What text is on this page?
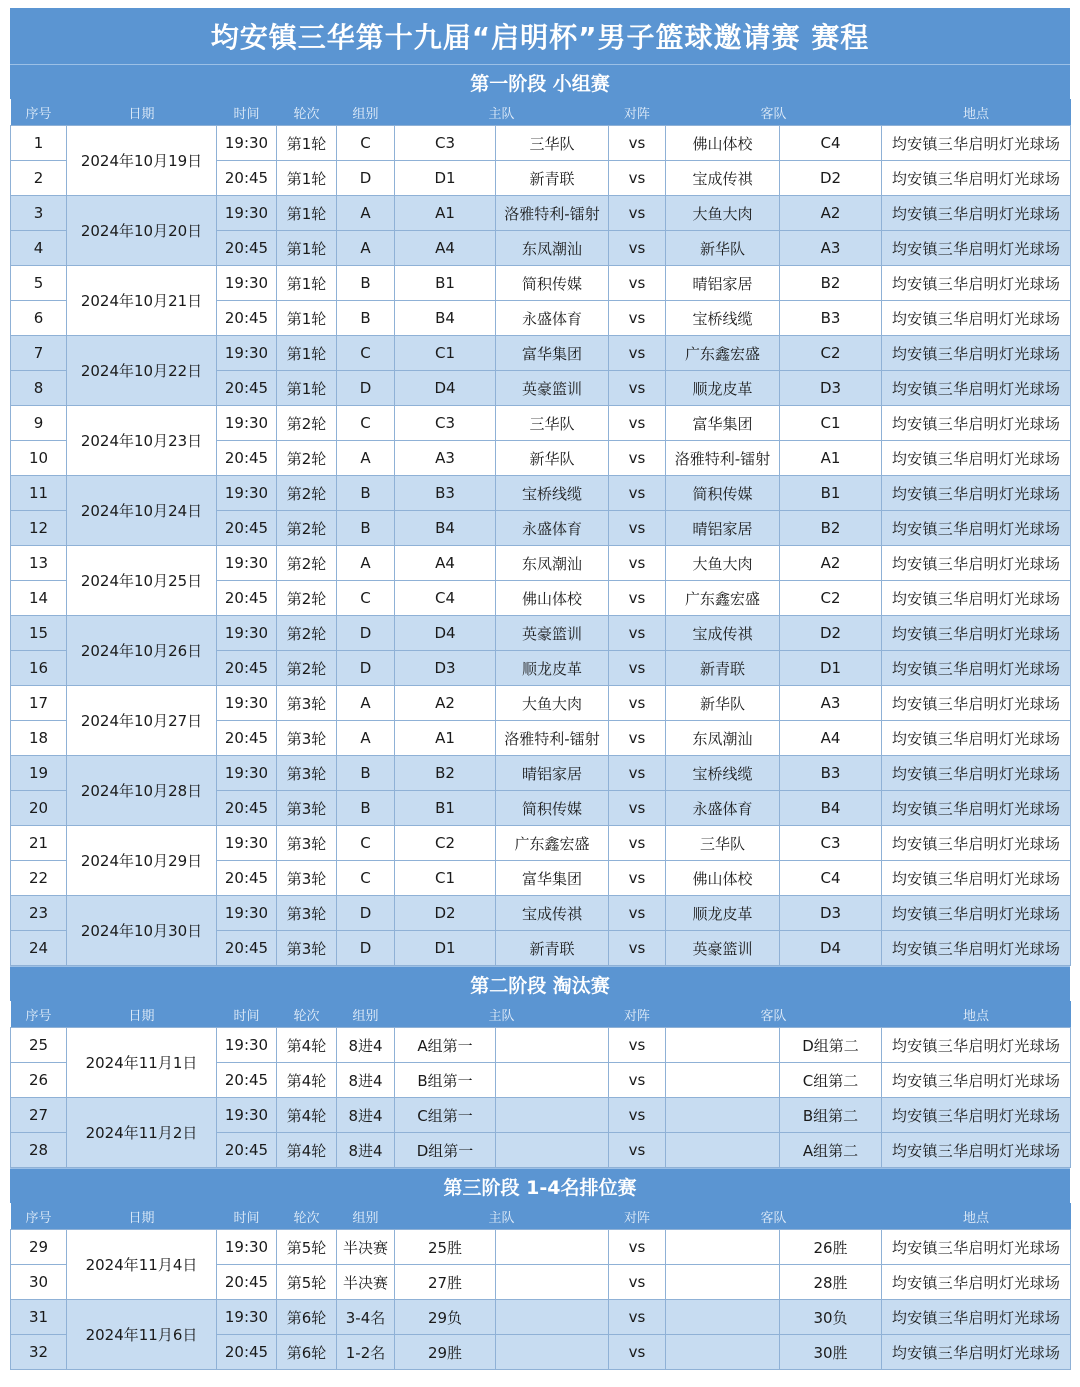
均安镇三华第十九届“启明杯”男子篮球邀请赛 赛程
第一阶段 小组赛
序号	日期	时间	轮次	组别	主队		对阵	客队		地点
1	2024年10月19日	19:30	第1轮	C	C3	三华队	vs	佛山体校	C4	均安镇三华启明灯光球场
2		20:45	第1轮	D	D1	新青联	vs	宝成传祺	D2	均安镇三华启明灯光球场
3	2024年10月20日	19:30	第1轮	A	A1	洛雅特利-镭射	vs	大鱼大肉	A2	均安镇三华启明灯光球场
4		20:45	第1轮	A	A4	东凤潮汕	vs	新华队	A3	均安镇三华启明灯光球场
5	2024年10月21日	19:30	第1轮	B	B1	简积传媒	vs	晴铝家居	B2	均安镇三华启明灯光球场
6		20:45	第1轮	B	B4	永盛体育	vs	宝桥线缆	B3	均安镇三华启明灯光球场
7	2024年10月22日	19:30	第1轮	C	C1	富华集团	vs	广东鑫宏盛	C2	均安镇三华启明灯光球场
8		20:45	第1轮	D	D4	英豪篮训	vs	顺龙皮革	D3	均安镇三华启明灯光球场
9	2024年10月23日	19:30	第2轮	C	C3	三华队	vs	富华集团	C1	均安镇三华启明灯光球场
10		20:45	第2轮	A	A3	新华队	vs	洛雅特利-镭射	A1	均安镇三华启明灯光球场
11	2024年10月24日	19:30	第2轮	B	B3	宝桥线缆	vs	简积传媒	B1	均安镇三华启明灯光球场
12		20:45	第2轮	B	B4	永盛体育	vs	晴铝家居	B2	均安镇三华启明灯光球场
13	2024年10月25日	19:30	第2轮	A	A4	东凤潮汕	vs	大鱼大肉	A2	均安镇三华启明灯光球场
14		20:45	第2轮	C	C4	佛山体校	vs	广东鑫宏盛	C2	均安镇三华启明灯光球场
15	2024年10月26日	19:30	第2轮	D	D4	英豪篮训	vs	宝成传祺	D2	均安镇三华启明灯光球场
16		20:45	第2轮	D	D3	顺龙皮革	vs	新青联	D1	均安镇三华启明灯光球场
17	2024年10月27日	19:30	第3轮	A	A2	大鱼大肉	vs	新华队	A3	均安镇三华启明灯光球场
18		20:45	第3轮	A	A1	洛雅特利-镭射	vs	东凤潮汕	A4	均安镇三华启明灯光球场
19	2024年10月28日	19:30	第3轮	B	B2	晴铝家居	vs	宝桥线缆	B3	均安镇三华启明灯光球场
20		20:45	第3轮	B	B1	简积传媒	vs	永盛体育	B4	均安镇三华启明灯光球场
21	2024年10月29日	19:30	第3轮	C	C2	广东鑫宏盛	vs	三华队	C3	均安镇三华启明灯光球场
22		20:45	第3轮	C	C1	富华集团	vs	佛山体校	C4	均安镇三华启明灯光球场
23	2024年10月30日	19:30	第3轮	D	D2	宝成传祺	vs	顺龙皮革	D3	均安镇三华启明灯光球场
24		20:45	第3轮	D	D1	新青联	vs	英豪篮训	D4	均安镇三华启明灯光球场
第二阶段 淘汰赛
序号	日期	时间	轮次	组别	主队		对阵	客队		地点
25	2024年11月1日	19:30	第4轮	8进4	A组第一		vs		D组第二	均安镇三华启明灯光球场
26		20:45	第4轮	8进4	B组第一		vs		C组第二	均安镇三华启明灯光球场
27	2024年11月2日	19:30	第4轮	8进4	C组第一		vs		B组第二	均安镇三华启明灯光球场
28		20:45	第4轮	8进4	D组第一		vs		A组第二	均安镇三华启明灯光球场
第三阶段 1-4名排位赛
序号	日期	时间	轮次	组别	主队		对阵	客队		地点
29	2024年11月4日	19:30	第5轮	半决赛	25胜		vs		26胜	均安镇三华启明灯光球场
30		20:45	第5轮	半决赛	27胜		vs		28胜	均安镇三华启明灯光球场
31	2024年11月6日	19:30	第6轮	3-4名	29负		vs		30负	均安镇三华启明灯光球场
32		20:45	第6轮	1-2名	29胜		vs		30胜	均安镇三华启明灯光球场
